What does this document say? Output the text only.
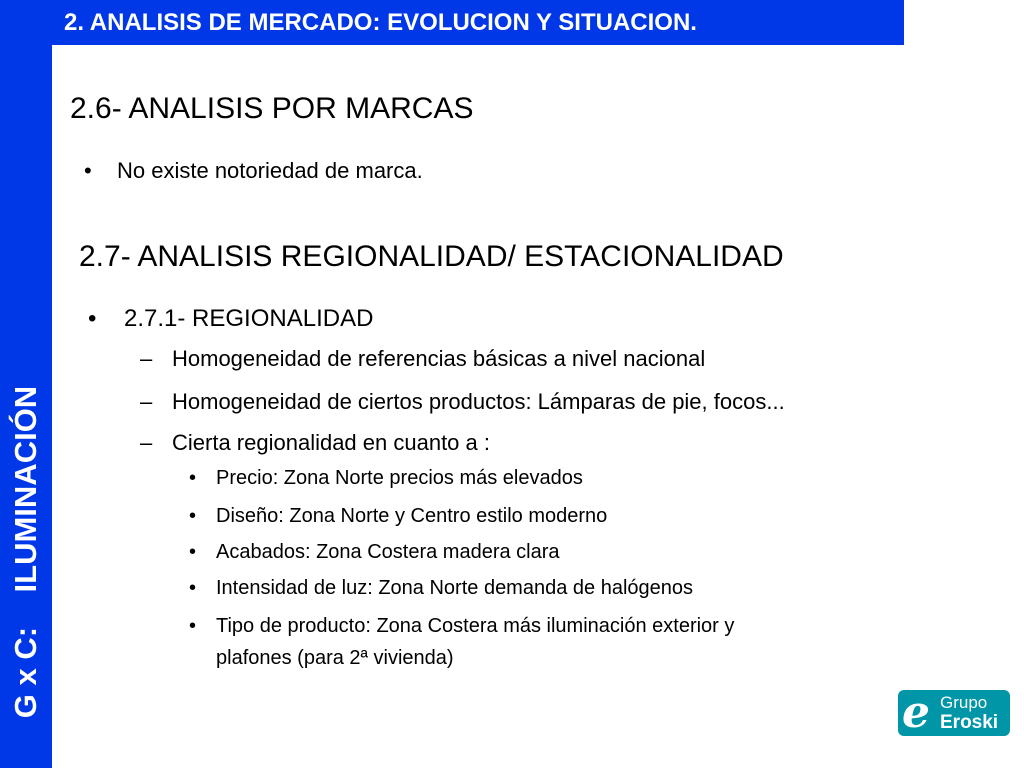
G x C:    ILUMINACIÓN
2. ANALISIS DE MERCADO: EVOLUCION Y SITUACION.
2.6- ANALISIS POR MARCAS
• No existe notoriedad de marca.
2.7- ANALISIS REGIONALIDAD/ ESTACIONALIDAD
• 2.7.1- REGIONALIDAD
– Homogeneidad de referencias básicas a nivel nacional
– Homogeneidad de ciertos productos: Lámparas de pie, focos...
– Cierta regionalidad en cuanto a :
• Precio: Zona Norte precios más elevados
• Diseño: Zona Norte y Centro estilo moderno
• Acabados: Zona Costera madera clara
• Intensidad de luz: Zona Norte demanda de halógenos
• Tipo de producto: Zona Costera más iluminación exterior y
plafones (para 2ª vivienda)
e Grupo
Eroski
